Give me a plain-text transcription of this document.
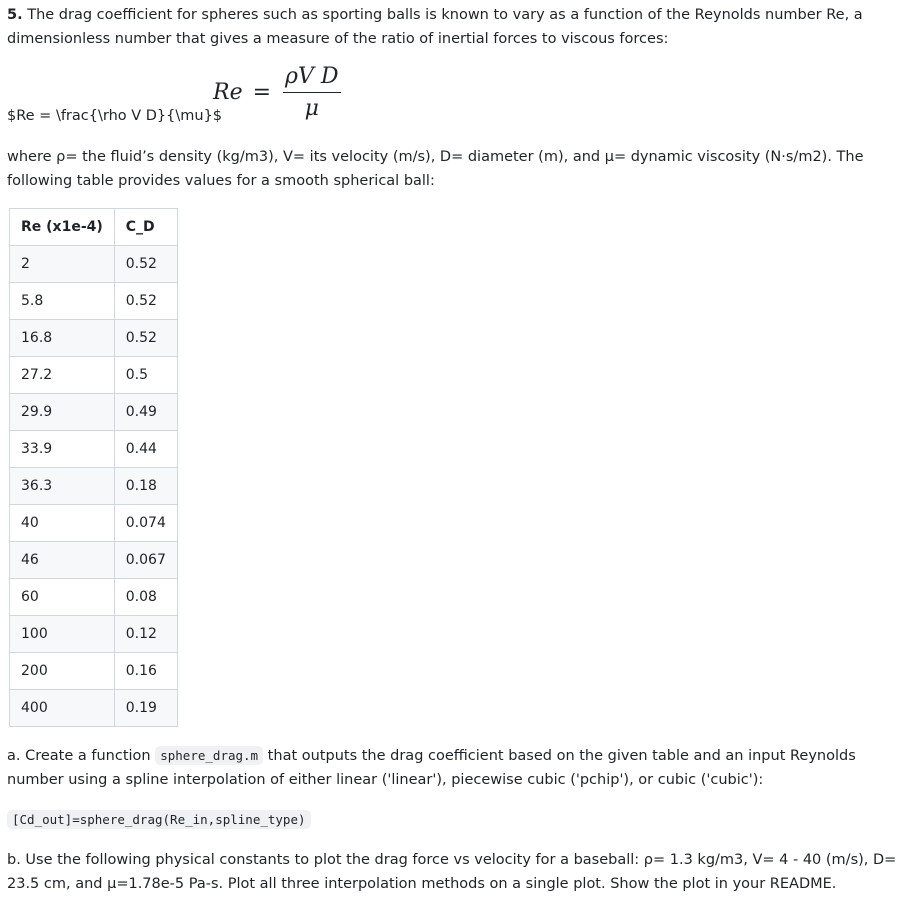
5. The drag coefficient for spheres such as sporting balls is known to vary as a function of the Reynolds number Re, a dimensionless number that gives a measure of the ratio of inertial forces to viscous forces:

$Re = \frac{\rho V D}{\mu}$
$Re = \frac{\text{ρV D}}{\mu}$

where ρ= the fluid’s density (kg/m3), V= its velocity (m/s), D= diameter (m), and μ= dynamic viscosity (N·s/m2). The following table provides values for a smooth spherical ball:

Re (x1e-4)	C_D
2	0.52
5.8	0.52
16.8	0.52
27.2	0.5
29.9	0.49
33.9	0.44
36.3	0.18
40	0.074
46	0.067
60	0.08
100	0.12
200	0.16
400	0.19

a. Create a function sphere_drag.m that outputs the drag coefficient based on the given table and an input Reynolds number using a spline interpolation of either linear ('linear'), piecewise cubic ('pchip'), or cubic ('cubic'):

[Cd_out]=sphere_drag(Re_in,spline_type)

b. Use the following physical constants to plot the drag force vs velocity for a baseball: ρ= 1.3 kg/m3, V= 4 - 40 (m/s), D= 23.5 cm, and μ=1.78e-5 Pa-s. Plot all three interpolation methods on a single plot. Show the plot in your README.
